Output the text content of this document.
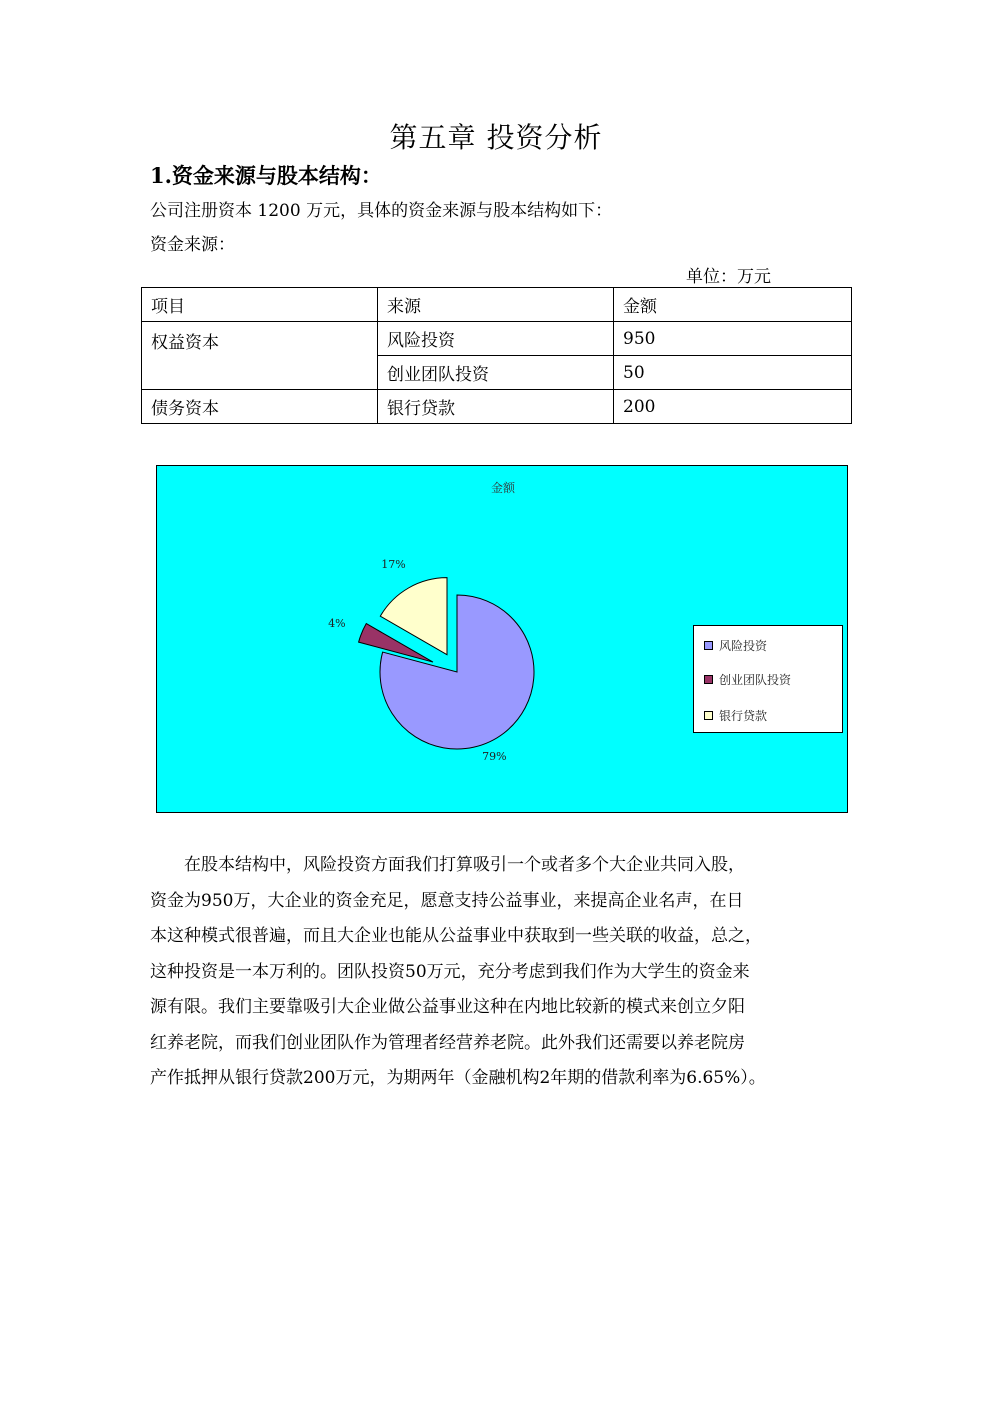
第五章 投资分析
1.资金来源与股本结构：
公司注册资本 1200 万元，具体的资金来源与股本结构如下：
资金来源：
单位：万元
项目	来源	金额
权益资本	风险投资	950
	创业团队投资	50
债务资本	银行贷款	200
金额
79%
4%
17%
风险投资
创业团队投资
银行贷款
　　在股本结构中，风险投资方面我们打算吸引一个或者多个大企业共同入股，
资金为950万，大企业的资金充足，愿意支持公益事业，来提高企业名声，在日
本这种模式很普遍，而且大企业也能从公益事业中获取到一些关联的收益，总之，
这种投资是一本万利的。团队投资50万元，充分考虑到我们作为大学生的资金来
源有限。我们主要靠吸引大企业做公益事业这种在内地比较新的模式来创立夕阳
红养老院，而我们创业团队作为管理者经营养老院。此外我们还需要以养老院房
产作抵押从银行贷款200万元，为期两年（金融机构2年期的借款利率为6.65%）。
